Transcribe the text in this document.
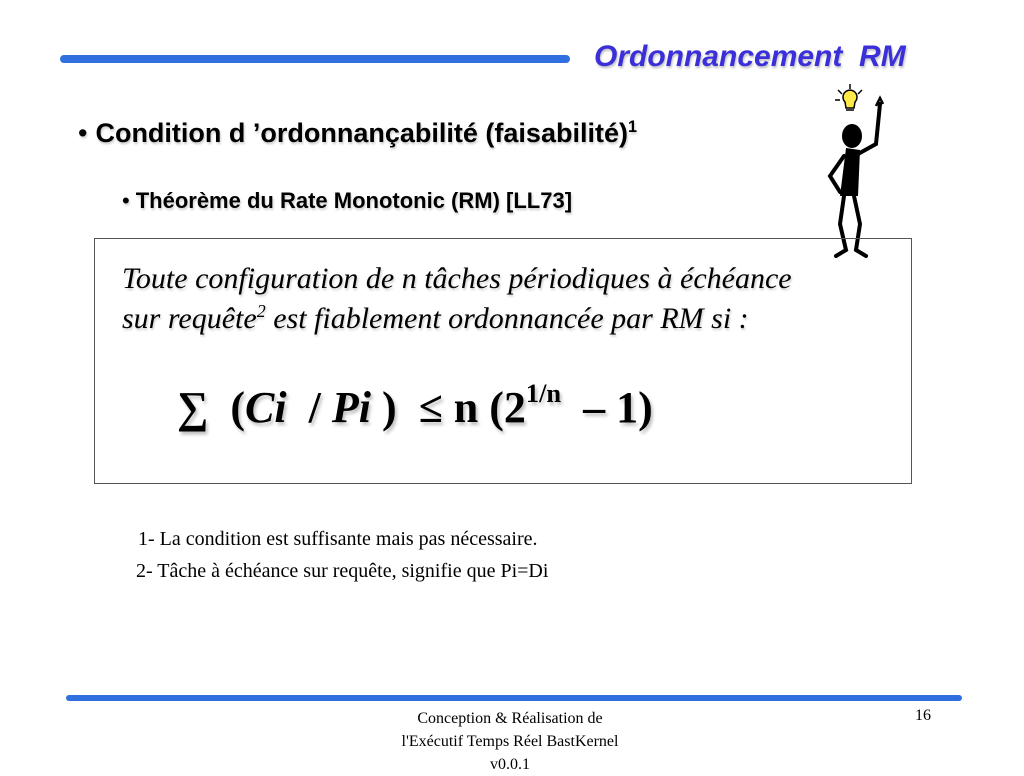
Ordonnancement  RM
• Condition d ’ordonnançabilité (faisabilité)$^1$
• Théorème du Rate Monotonic (RM) [LL73]
Toute configuration de n tâches périodiques à échéance
sur requête$^2$ est fiablement ordonnancée par RM si :
∑  (Ci  / Pi )  ≤ n $(2^{1/n} - 1)$
1- La condition est suffisante mais pas nécessaire.
2- Tâche à échéance sur requête, signifie que Pi=Di
Conception & Réalisation de
l'Exécutif Temps Réel BastKernel
v0.0.1
16
